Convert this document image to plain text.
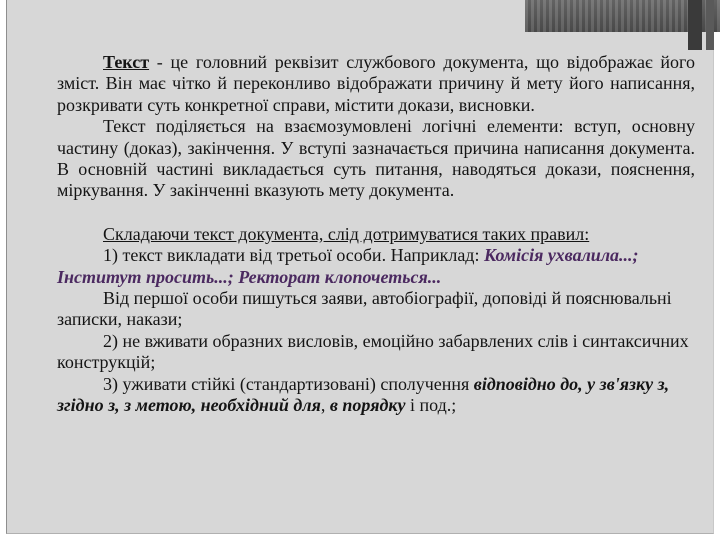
Текст - це головний реквізит службового документа, що відображає його зміст. Він має чітко й переконливо відображати причину й мету його написання, розкривати суть конкретної справи, містити докази, висновки.

Текст поділяється на взаємозумовлені логічні елементи: вступ, основну частину (доказ), закінчення. У вступі зазначається причина написання документа. В основній частині викладається суть питання, наводяться докази, пояснення, міркування. У закінченні вказують мету документа.

Складаючи текст документа, слід дотримуватися таких правил:

1) текст викладати від третьої особи. Наприклад: Комісія ухвалила...; Інститут просить...; Ректорат клопочеться...

Від першої особи пишуться заяви, автобіографії, доповіді й пояснювальні записки, накази;

2) не вживати образних висловів, емоційно забарвлених слів і синтаксичних конструкцій;

3) уживати стійкі (стандартизовані) сполучення відповідно до, у зв'язку з, згідно з, з метою, необхідний для, в порядку і под.;
